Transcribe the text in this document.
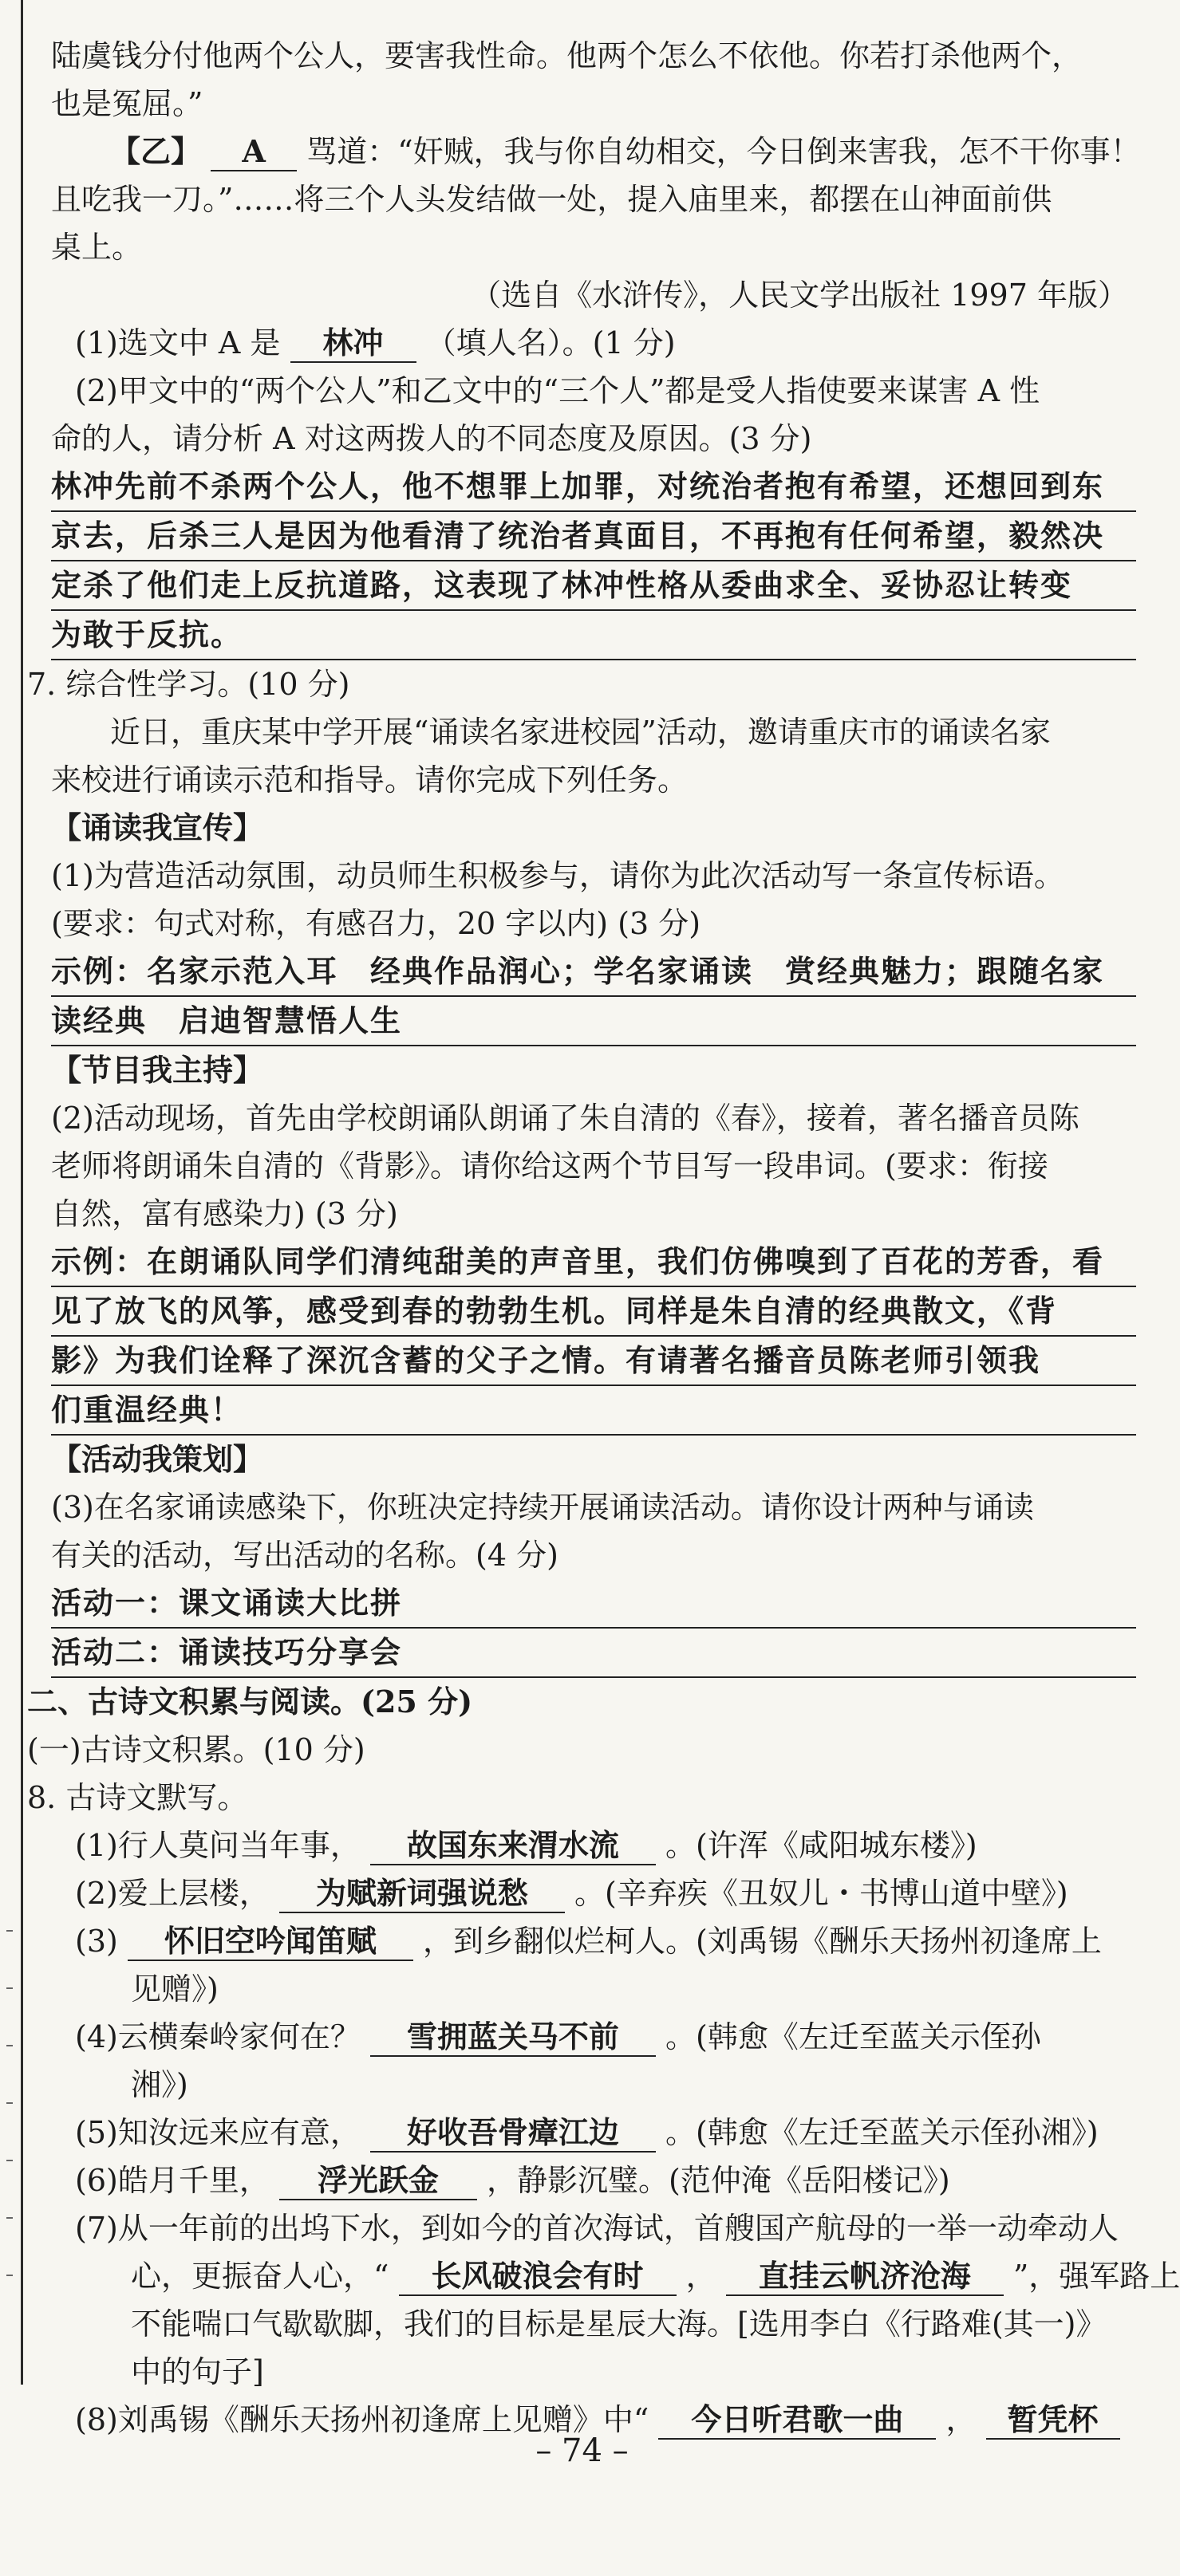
陆虞钱分付他两个公人，要害我性命。他两个怎么不依他。你若打杀他两个，
也是冤屈。”
【乙】 A 骂道：“奸贼，我与你自幼相交，今日倒来害我，怎不干你事！
且吃我一刀。”……将三个人头发结做一处，提入庙里来，都摆在山神面前供
桌上。
（选自《水浒传》，人民文学出版社 1997 年版）
(1)选文中 A 是 林冲 （填人名）。(1 分)
(2)甲文中的“两个公人”和乙文中的“三个人”都是受人指使要来谋害 A 性
命的人，请分析 A 对这两拨人的不同态度及原因。(3 分)
林冲先前不杀两个公人，他不想罪上加罪，对统治者抱有希望，还想回到东
京去，后杀三人是因为他看清了统治者真面目，不再抱有任何希望，毅然决
定杀了他们走上反抗道路，这表现了林冲性格从委曲求全、妥协忍让转变
为敢于反抗。
7. 综合性学习。(10 分)
近日，重庆某中学开展“诵读名家进校园”活动，邀请重庆市的诵读名家
来校进行诵读示范和指导。请你完成下列任务。
【诵读我宣传】
(1)为营造活动氛围，动员师生积极参与，请你为此次活动写一条宣传标语。
(要求：句式对称，有感召力，20 字以内) (3 分)
示例：名家示范入耳　经典作品润心；学名家诵读　赏经典魅力；跟随名家
读经典　启迪智慧悟人生
【节目我主持】
(2)活动现场，首先由学校朗诵队朗诵了朱自清的《春》，接着，著名播音员陈
老师将朗诵朱自清的《背影》。请你给这两个节目写一段串词。(要求：衔接
自然，富有感染力) (3 分)
示例：在朗诵队同学们清纯甜美的声音里，我们仿佛嗅到了百花的芳香，看
见了放飞的风筝，感受到春的勃勃生机。同样是朱自清的经典散文，《背
影》为我们诠释了深沉含蓄的父子之情。有请著名播音员陈老师引领我
们重温经典！
【活动我策划】
(3)在名家诵读感染下，你班决定持续开展诵读活动。请你设计两种与诵读
有关的活动，写出活动的名称。(4 分)
活动一：课文诵读大比拼
活动二：诵读技巧分享会
二、古诗文积累与阅读。(25 分)
(一)古诗文积累。(10 分)
8. 古诗文默写。
(1)行人莫问当年事， 故国东来渭水流 。(许浑《咸阳城东楼》)
(2)爱上层楼， 为赋新词强说愁 。(辛弃疾《丑奴儿・书博山道中壁》)
(3) 怀旧空吟闻笛赋 ，到乡翻似烂柯人。(刘禹锡《酬乐天扬州初逢席上
见赠》)
(4)云横秦岭家何在？ 雪拥蓝关马不前 。(韩愈《左迁至蓝关示侄孙
湘》)
(5)知汝远来应有意， 好收吾骨瘴江边 。(韩愈《左迁至蓝关示侄孙湘》)
(6)皓月千里， 浮光跃金 ，静影沉璧。(范仲淹《岳阳楼记》)
(7)从一年前的出坞下水，到如今的首次海试，首艘国产航母的一举一动牵动人
心，更振奋人心，“ 长风破浪会有时 ， 直挂云帆济沧海 ”，强军路上
不能喘口气歇歇脚，我们的目标是星辰大海。[选用李白《行路难(其一)》
中的句子]
(8)刘禹锡《酬乐天扬州初逢席上见赠》中“ 今日听君歌一曲 ， 暂凭杯
– 74 –
